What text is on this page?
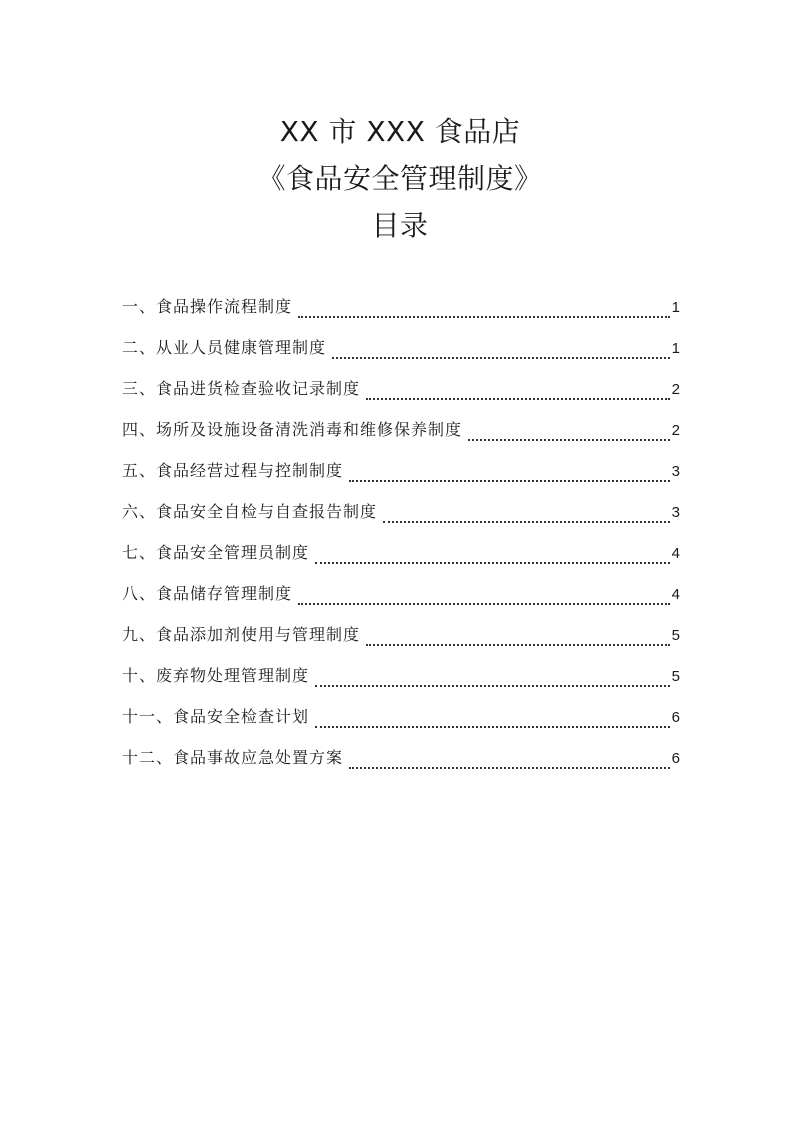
XX 市 XXX 食品店
《食品安全管理制度》
目录
一、食品操作流程制度	1
二、从业人员健康管理制度	1
三、食品进货检查验收记录制度	2
四、场所及设施设备清洗消毒和维修保养制度	2
五、食品经营过程与控制制度	3
六、食品安全自检与自查报告制度	3
七、食品安全管理员制度	4
八、食品储存管理制度	4
九、食品添加剂使用与管理制度	5
十、废弃物处理管理制度	5
十一、食品安全检查计划	6
十二、食品事故应急处置方案	6
